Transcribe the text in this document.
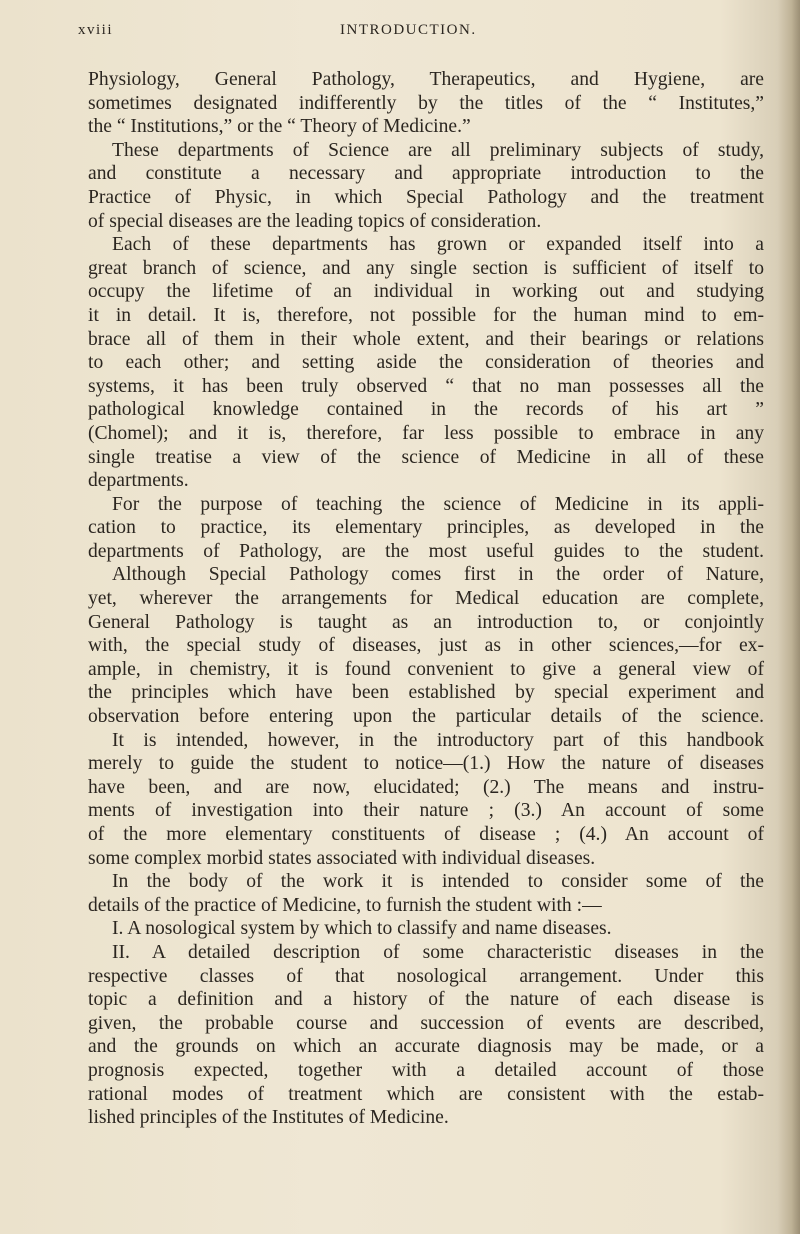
xviii	INTRODUCTION.
Physiology, General Pathology, Therapeutics, and Hygiene, are
sometimes designated indifferently by the titles of the “ Institutes,”
the “ Institutions,” or the “ Theory of Medicine.”
These departments of Science are all preliminary subjects of study,
and constitute a necessary and appropriate introduction to the
Practice of Physic, in which Special Pathology and the treatment
of special diseases are the leading topics of consideration.
Each of these departments has grown or expanded itself into a
great branch of science, and any single section is sufficient of itself to
occupy the lifetime of an individual in working out and studying
it in detail. It is, therefore, not possible for the human mind to em-
brace all of them in their whole extent, and their bearings or relations
to each other; and setting aside the consideration of theories and
systems, it has been truly observed “ that no man possesses all the
pathological knowledge contained in the records of his art ”
(Chomel); and it is, therefore, far less possible to embrace in any
single treatise a view of the science of Medicine in all of these
departments.
For the purpose of teaching the science of Medicine in its appli-
cation to practice, its elementary principles, as developed in the
departments of Pathology, are the most useful guides to the student.
Although Special Pathology comes first in the order of Nature,
yet, wherever the arrangements for Medical education are complete,
General Pathology is taught as an introduction to, or conjointly
with, the special study of diseases, just as in other sciences,—for ex-
ample, in chemistry, it is found convenient to give a general view of
the principles which have been established by special experiment and
observation before entering upon the particular details of the science.
It is intended, however, in the introductory part of this handbook
merely to guide the student to notice—(1.) How the nature of diseases
have been, and are now, elucidated; (2.) The means and instru-
ments of investigation into their nature ; (3.) An account of some
of the more elementary constituents of disease ; (4.) An account of
some complex morbid states associated with individual diseases.
In the body of the work it is intended to consider some of the
details of the practice of Medicine, to furnish the student with :—
I. A nosological system by which to classify and name diseases.
II. A detailed description of some characteristic diseases in the
respective classes of that nosological arrangement. Under this
topic a definition and a history of the nature of each disease is
given, the probable course and succession of events are described,
and the grounds on which an accurate diagnosis may be made, or a
prognosis expected, together with a detailed account of those
rational modes of treatment which are consistent with the estab-
lished principles of the Institutes of Medicine.
